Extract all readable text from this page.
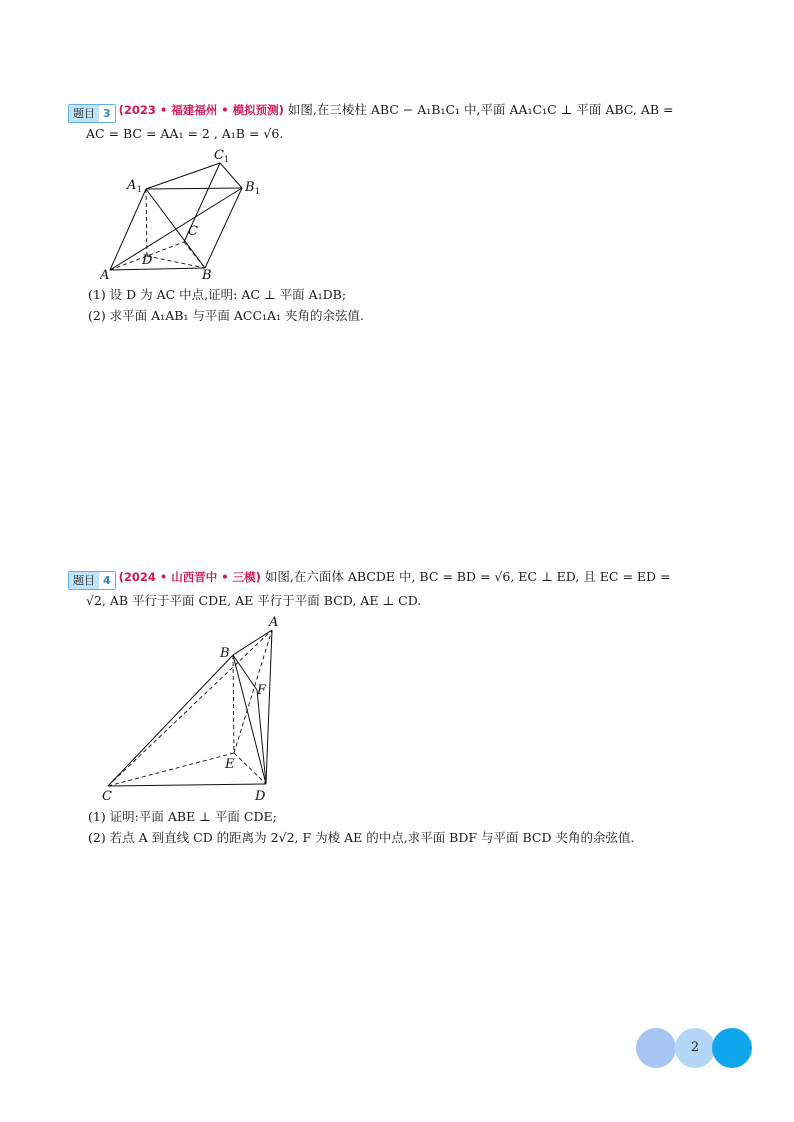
题目 3 (2023 • 福建福州 • 模拟预测) 如图,在三棱柱 ABC − A₁B₁C₁ 中,平面 AA₁C₁C ⊥ 平面 ABC, AB =
AC = BC = AA₁ = 2 , A₁B = √6.
A 1
C 1
B 1
A	B
C
D
(1) 设 D 为 AC 中点,证明: AC ⊥ 平面 A₁DB;
(2) 求平面 A₁AB₁ 与平面 ACC₁A₁ 夹角的余弦值.
题目 4 (2024 • 山西晋中 • 三模) 如图,在六面体 ABCDE 中, BC = BD = √6, EC ⊥ ED, 且 EC = ED =
√2, AB 平行于平面 CDE, AE 平行于平面 BCD, AE ⊥ CD.
A
B
C	D
E
F
(1) 证明:平面 ABE ⊥ 平面 CDE;
(2) 若点 A 到直线 CD 的距离为 2√2, F 为棱 AE 的中点,求平面 BDF 与平面 BCD 夹角的余弦值.
2
